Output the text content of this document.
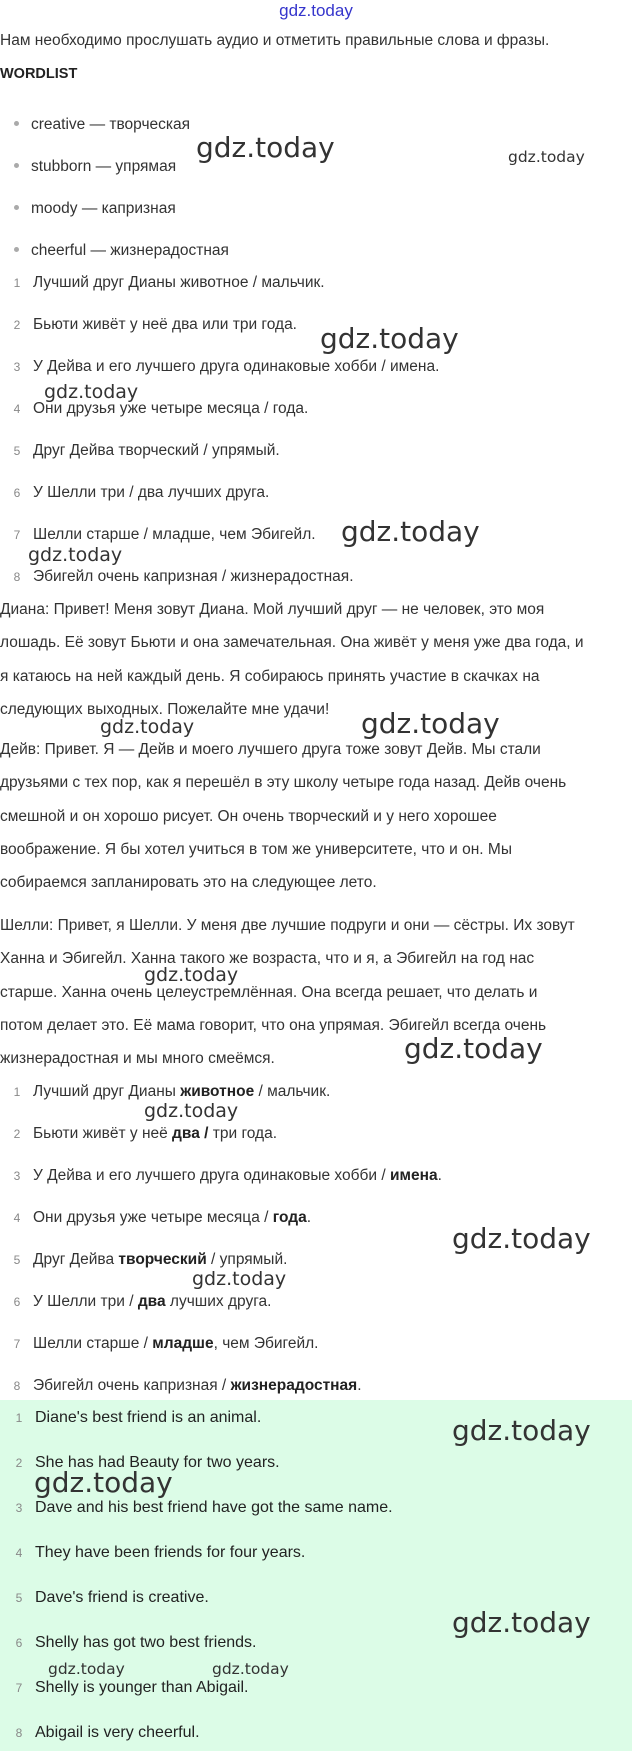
gdz.today
Нам необходимо прослушать аудио и отметить правильные слова и фразы.
WORDLIST
creative — творческая
stubborn — упрямая
moody — капризная
cheerful — жизнерадостная
1 Лучший друг Дианы животное / мальчик.
2 Бьюти живёт у неё два или три года.
3 У Дейва и его лучшего друга одинаковые хобби / имена.
4 Они друзья уже четыре месяца / года.
5 Друг Дейва творческий / упрямый.
6 У Шелли три / два лучших друга.
7 Шелли старше / младше, чем Эбигейл.
8 Эбигейл очень капризная / жизнерадостная.

Диана: Привет! Меня зовут Диана. Мой лучший друг — не человек, это моя

лошадь. Её зовут Бьюти и она замечательная. Она живёт у меня уже два года, и

я катаюсь на ней каждый день. Я собираюсь принять участие в скачках на

следующих выходных. Пожелайте мне удачи!

Дейв: Привет. Я — Дейв и моего лучшего друга тоже зовут Дейв. Мы стали

друзьями с тех пор, как я перешёл в эту школу четыре года назад. Дейв очень

смешной и он хорошо рисует. Он очень творческий и у него хорошее

воображение. Я бы хотел учиться в том же университете, что и он. Мы

собираемся запланировать это на следующее лето.

Шелли: Привет, я Шелли. У меня две лучшие подруги и они — сёстры. Их зовут

Ханна и Эбигейл. Ханна такого же возраста, что и я, а Эбигейл на год нас

старше. Ханна очень целеустремлённая. Она всегда решает, что делать и

потом делает это. Её мама говорит, что она упрямая. Эбигейл всегда очень

жизнерадостная и мы много смеёмся.

1 Лучший друг Дианы животное / мальчик.
2 Бьюти живёт у неё два / три года.
3 У Дейва и его лучшего друга одинаковые хобби / имена.
4 Они друзья уже четыре месяца / года.
5 Друг Дейва творческий / упрямый.
6 У Шелли три / два лучших друга.
7 Шелли старше / младше, чем Эбигейл.
8 Эбигейл очень капризная / жизнерадостная.
1 Diane's best friend is an animal.
2 She has had Beauty for two years.
3 Dave and his best friend have got the same name.
4 They have been friends for four years.
5 Dave's friend is creative.
6 Shelly has got two best friends.
7 Shelly is younger than Abigail.
8 Abigail is very cheerful.
gdz.today	gdz.today
gdz.today
gdz.today
gdz.today
gdz.today
gdz.today
gdz.today
gdz.today
gdz.today
gdz.today
gdz.today
gdz.today
gdz.today
gdz.today
gdz.today
gdz.today	gdz.today
